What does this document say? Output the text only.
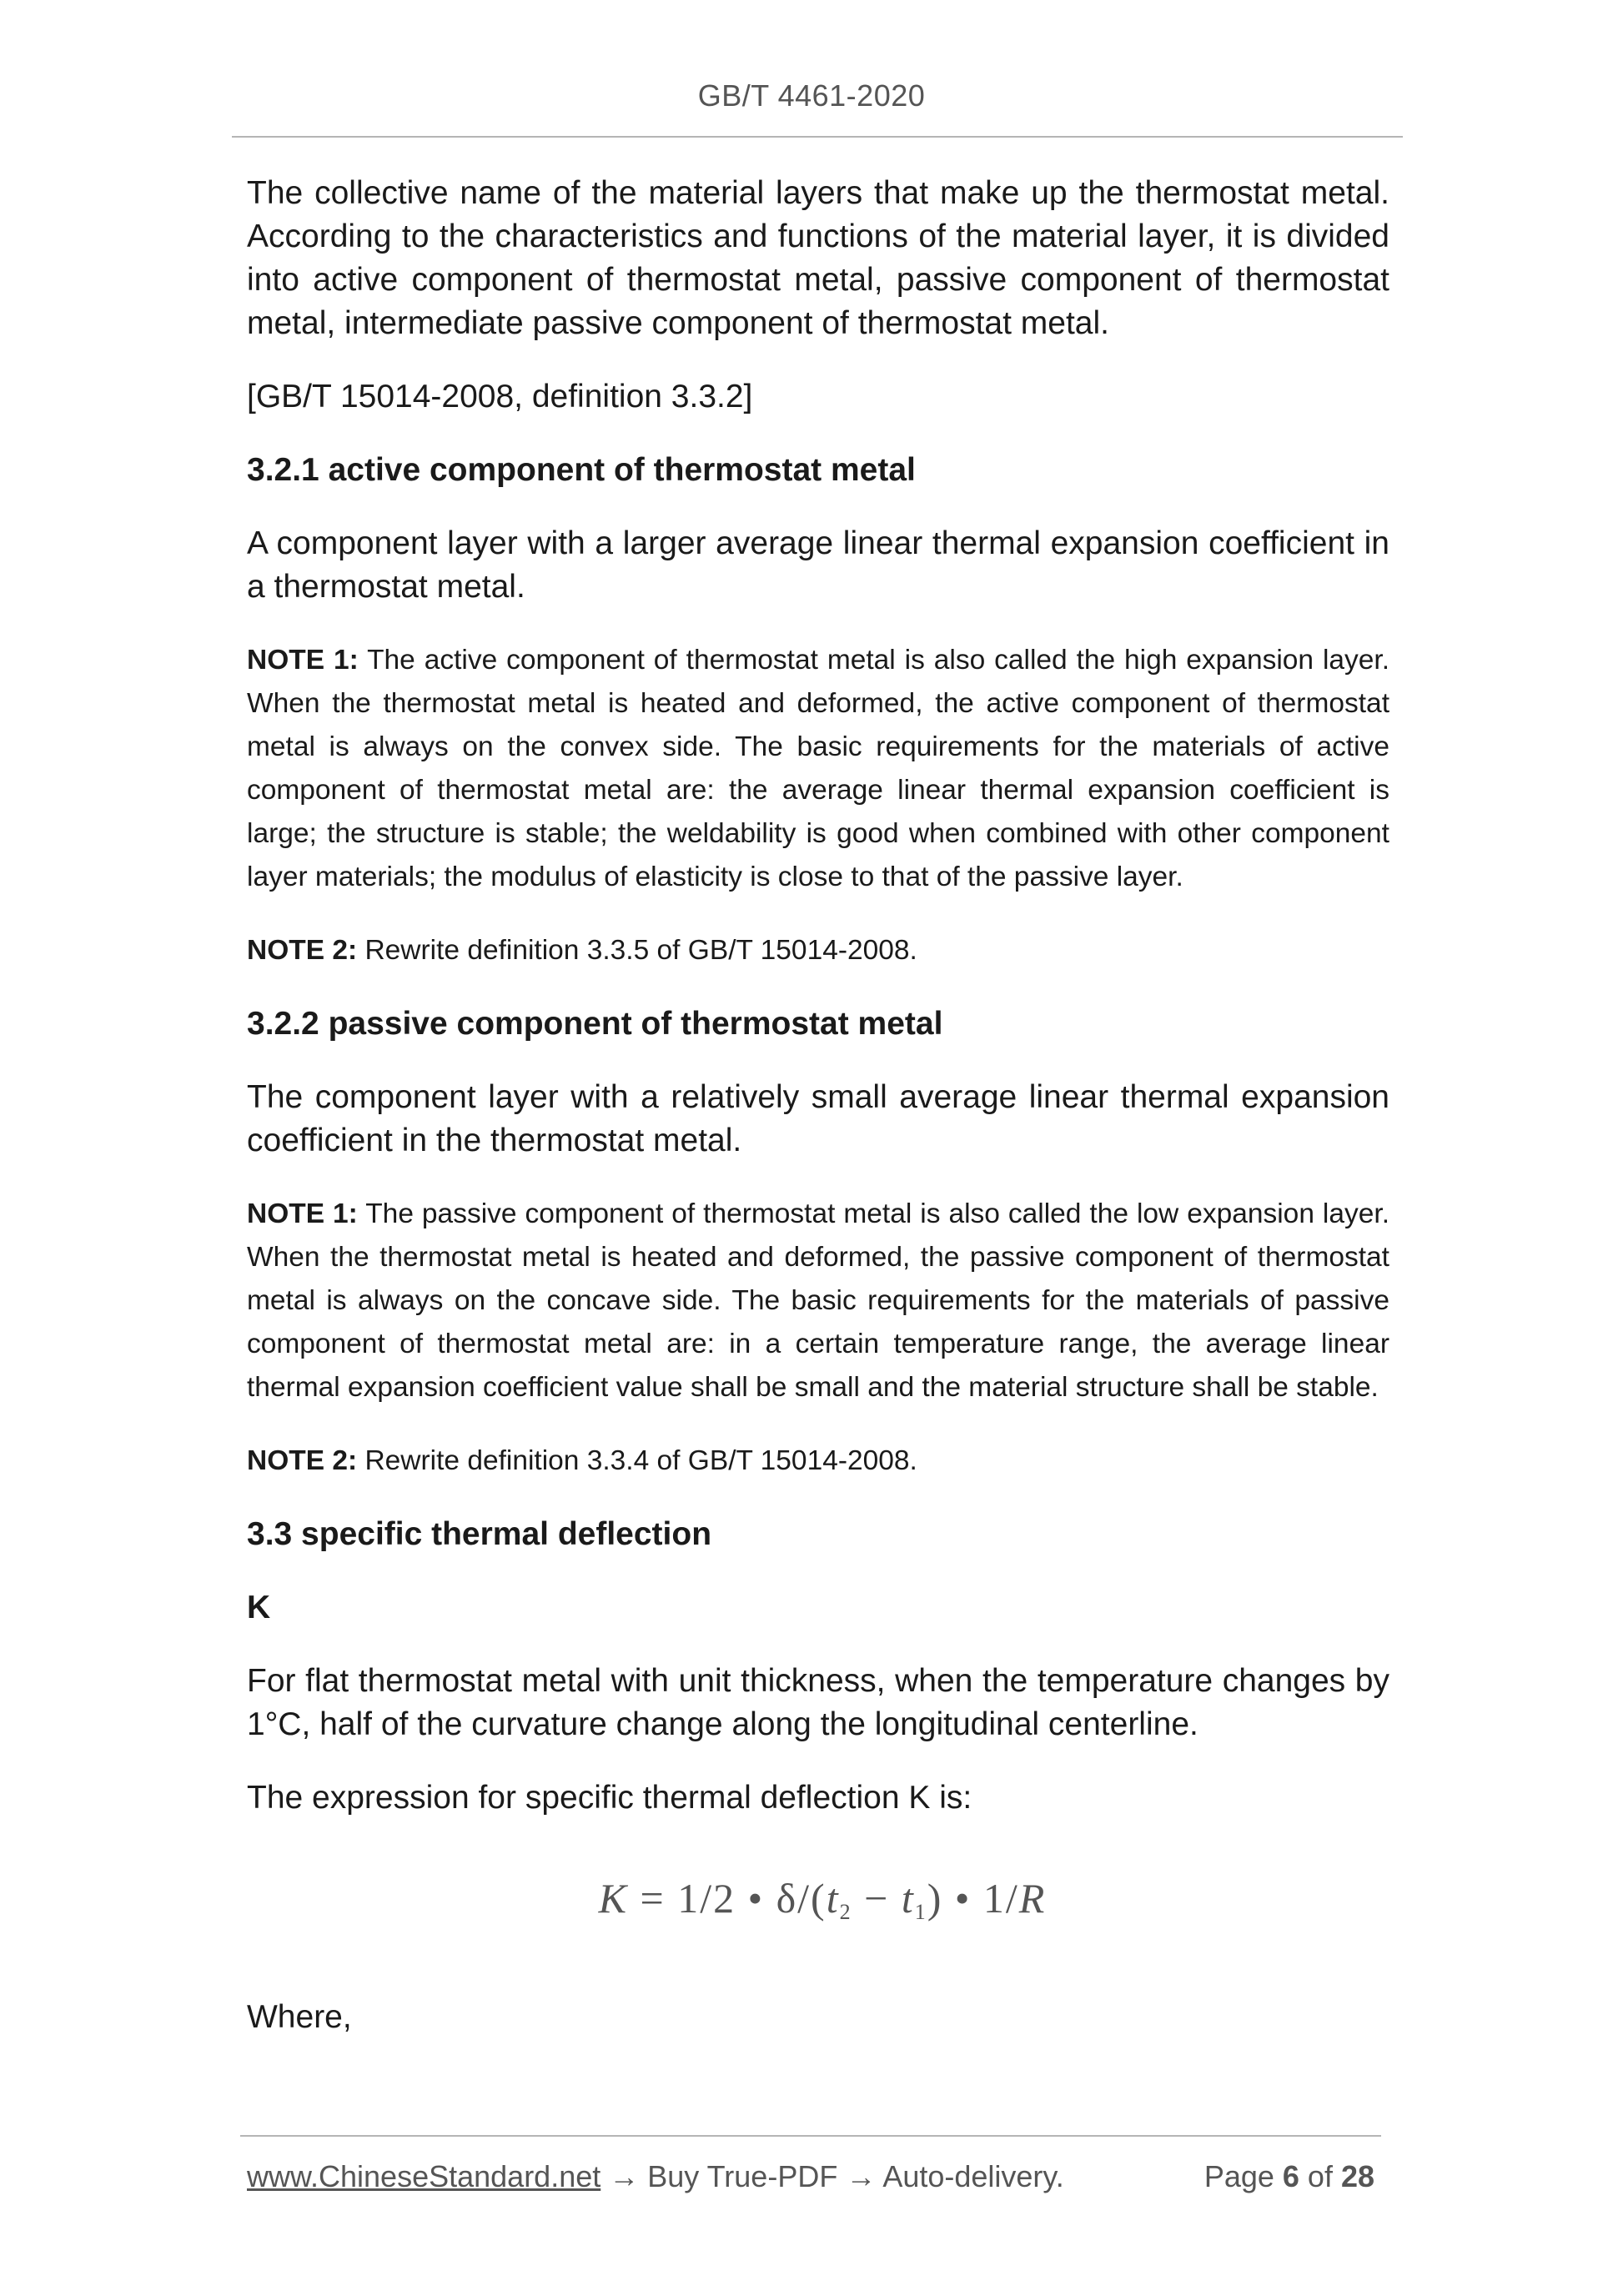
GB/T 4461-2020

The collective name of the material layers that make up the thermostat metal. According to the characteristics and functions of the material layer, it is divided into active component of thermostat metal, passive component of thermostat metal, intermediate passive component of thermostat metal.

[GB/T 15014-2008, definition 3.3.2]

3.2.1 active component of thermostat metal

A component layer with a larger average linear thermal expansion coefficient in a thermostat metal.

NOTE 1: The active component of thermostat metal is also called the high expansion layer. When the thermostat metal is heated and deformed, the active component of thermostat metal is always on the convex side. The basic requirements for the materials of active component of thermostat metal are: the average linear thermal expansion coefficient is large; the structure is stable; the weldability is good when combined with other component layer materials; the modulus of elasticity is close to that of the passive layer.

NOTE 2: Rewrite definition 3.3.5 of GB/T 15014-2008.

3.2.2 passive component of thermostat metal

The component layer with a relatively small average linear thermal expansion coefficient in the thermostat metal.

NOTE 1: The passive component of thermostat metal is also called the low expansion layer. When the thermostat metal is heated and deformed, the passive component of thermostat metal is always on the concave side. The basic requirements for the materials of passive component of thermostat metal are: in a certain temperature range, the average linear thermal expansion coefficient value shall be small and the material structure shall be stable.

NOTE 2: Rewrite definition 3.3.4 of GB/T 15014-2008.

3.3 specific thermal deflection

K

For flat thermostat metal with unit thickness, when the temperature changes by 1°C, half of the curvature change along the longitudinal centerline.

The expression for specific thermal deflection K is:

K = 1/2 • $\delta/(t_2 - t_1)$ • 1/R

Where,

www.ChineseStandard.net → Buy True-PDF → Auto-delivery.	Page 6 of 28
